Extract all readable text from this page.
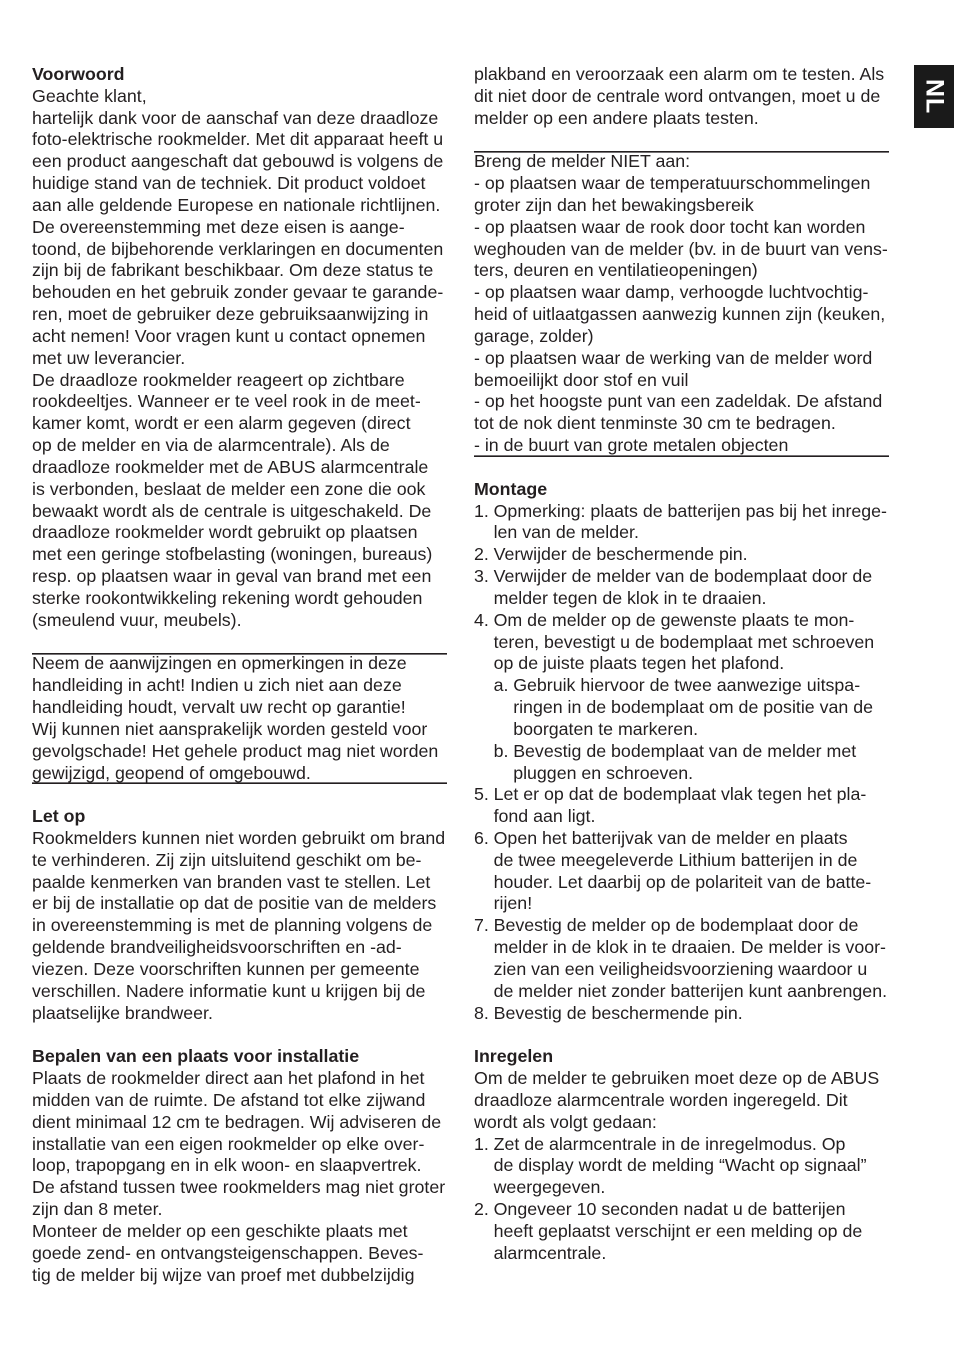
NL
Voorwoord
Geachte klant,
hartelijk dank voor de aanschaf van deze draadloze
foto-elektrische rookmelder. Met dit apparaat heeft u
een product aangeschaft dat gebouwd is volgens de
huidige stand van de techniek. Dit product voldoet
aan alle geldende Europese en nationale richtlijnen.
De overeenstemming met deze eisen is aange-
toond, de bijbehorende verklaringen en documenten
zijn bij de fabrikant beschikbaar. Om deze status te
behouden en het gebruik zonder gevaar te garande-
ren, moet de gebruiker deze gebruiksaanwijzing in
acht nemen! Voor vragen kunt u contact opnemen
met uw leverancier.
De draadloze rookmelder reageert op zichtbare
rookdeeltjes. Wanneer er te veel rook in de meet-
kamer komt, wordt er een alarm gegeven (direct
op de melder en via de alarmcentrale). Als de
draadloze rookmelder met de ABUS alarmcentrale
is verbonden, beslaat de melder een zone die ook
bewaakt wordt als de centrale is uitgeschakeld. De
draadloze rookmelder wordt gebruikt op plaatsen
met een geringe stofbelasting (woningen, bureaus)
resp. op plaatsen waar in geval van brand met een
sterke rookontwikkeling rekening wordt gehouden
(smeulend vuur, meubels).
Neem de aanwijzingen en opmerkingen in deze
handleiding in acht! Indien u zich niet aan deze
handleiding houdt, vervalt uw recht op garantie!
Wij kunnen niet aansprakelijk worden gesteld voor
gevolgschade! Het gehele product mag niet worden
gewijzigd, geopend of omgebouwd.
Let op
Rookmelders kunnen niet worden gebruikt om brand
te verhinderen. Zij zijn uitsluitend geschikt om be-
paalde kenmerken van branden vast te stellen. Let
er bij de installatie op dat de positie van de melders
in overeenstemming is met de planning volgens de
geldende brandveiligheidsvoorschriften en -ad-
viezen. Deze voorschriften kunnen per gemeente
verschillen. Nadere informatie kunt u krijgen bij de
plaatselijke brandweer.
Bepalen van een plaats voor installatie
Plaats de rookmelder direct aan het plafond in het
midden van de ruimte. De afstand tot elke zijwand
dient minimaal 12 cm te bedragen. Wij adviseren de
installatie van een eigen rookmelder op elke over-
loop, trapopgang en in elk woon- en slaapvertrek.
De afstand tussen twee rookmelders mag niet groter
zijn dan 8 meter.
Monteer de melder op een geschikte plaats met
goede zend- en ontvangsteigenschappen. Beves-
tig de melder bij wijze van proef met dubbelzijdig
plakband en veroorzaak een alarm om te testen. Als
dit niet door de centrale word ontvangen, moet u de
melder op een andere plaats testen.
Breng de melder NIET aan:
- op plaatsen waar de temperatuurschommelingen
groter zijn dan het bewakingsbereik
- op plaatsen waar de rook door tocht kan worden
weghouden van de melder (bv. in de buurt van vens-
ters, deuren en ventilatieopeningen)
- op plaatsen waar damp, verhoogde luchtvochtig-
heid of uitlaatgassen aanwezig kunnen zijn (keuken,
garage, zolder)
- op plaatsen waar de werking van de melder word
bemoeilijkt door stof en vuil
- op het hoogste punt van een zadeldak. De afstand
tot de nok dient tenminste 30 cm te bedragen.
- in de buurt van grote metalen objecten
Montage
1. Opmerking: plaats de batterijen pas bij het inrege-
len van de melder.
2. Verwijder de beschermende pin.
3. Verwijder de melder van de bodemplaat door de
melder tegen de klok in te draaien.
4. Om de melder op de gewenste plaats te mon-
teren, bevestigt u de bodemplaat met schroeven
op de juiste plaats tegen het plafond.
a. Gebruik hiervoor de twee aanwezige uitspa-
ringen in de bodemplaat om de positie van de
boorgaten te markeren.
b. Bevestig de bodemplaat van de melder met
pluggen en schroeven.
5. Let er op dat de bodemplaat vlak tegen het pla-
fond aan ligt.
6. Open het batterijvak van de melder en plaats
de twee meegeleverde Lithium batterijen in de
houder. Let daarbij op de polariteit van de batte-
rijen!
7. Bevestig de melder op de bodemplaat door de
melder in de klok in te draaien. De melder is voor-
zien van een veiligheidsvoorziening waardoor u
de melder niet zonder batterijen kunt aanbrengen.
8. Bevestig de beschermende pin.
Inregelen
Om de melder te gebruiken moet deze op de ABUS
draadloze alarmcentrale worden ingeregeld. Dit
wordt als volgt gedaan:
1. Zet de alarmcentrale in de inregelmodus. Op
de display wordt de melding “Wacht op signaal”
weergegeven.
2. Ongeveer 10 seconden nadat u de batterijen
heeft geplaatst verschijnt er een melding op de
alarmcentrale.
